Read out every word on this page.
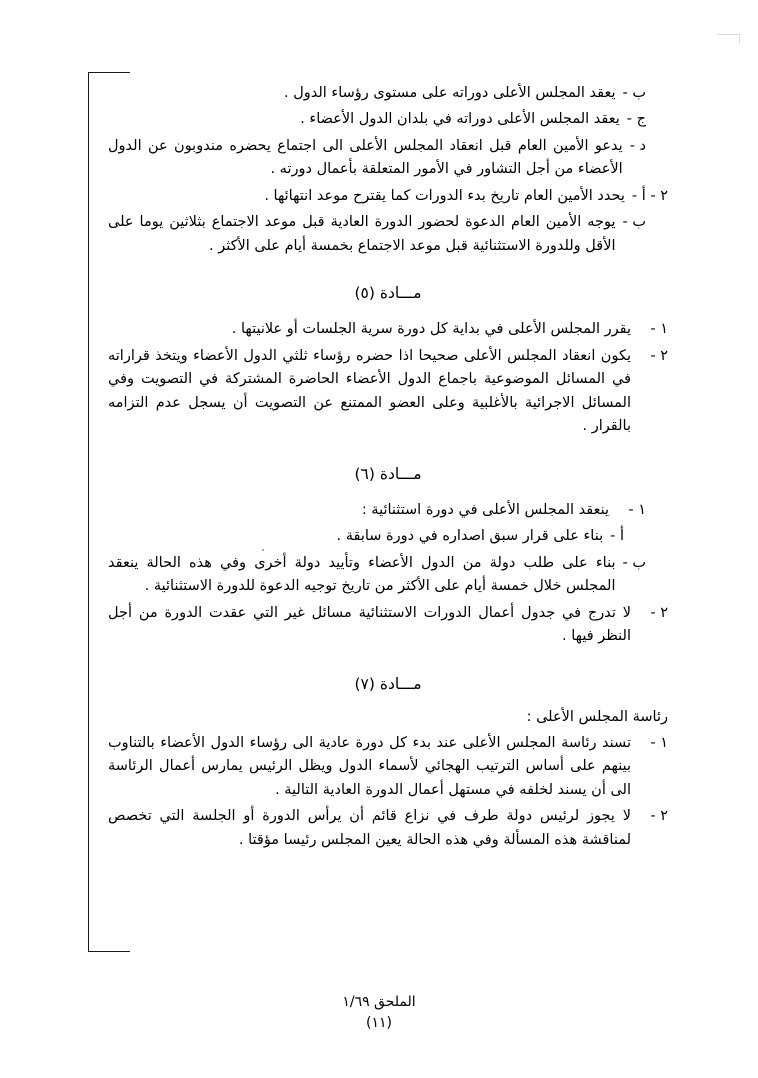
ب -
يعقد المجلس الأعلى دوراته على مستوى رؤساء الدول .
ج -
يعقد المجلس الأعلى دوراته في بلدان الدول الأعضاء .
د -
يدعو الأمين العام قبل انعقاد المجلس الأعلى الى اجتماع يحضره مندوبون عن الدول الأعضاء من أجل التشاور في الأمور المتعلقة بأعمال دورته .
٢ - أ -
يحدد الأمين العام تاريخ بدء الدورات كما يقترح موعد انتهائها .
ب -
يوجه الأمين العام الدعوة لحضور الدورة العادية قبل موعد الاجتماع بثلاثين يوما على الأقل وللدورة الاستثنائية قبل موعد الاجتماع بخمسة أيام على الأكثر .
مـــادة (٥)
١ -
يقرر المجلس الأعلى في بداية كل دورة سرية الجلسات أو علانيتها .
٢ -
يكون انعقاد المجلس الأعلى صحيحا اذا حضره رؤساء ثلثي الدول الأعضاء ويتخذ قراراته في المسائل الموضوعية باجماع الدول الأعضاء الحاضرة المشتركة في التصويت وفي المسائل الاجرائية بالأغلبية وعلى العضو الممتنع عن التصويت أن يسجل عدم التزامه بالقرار .
مـــادة (٦)
١ -
ينعقد المجلس الأعلى في دورة استثنائية :
أ -
بناء على قرار سبق اصداره في دورة سابقة .
ب -
بناء على طلب دولة من الدول الأعضاء وتأييد دولة أخرى وفي هذه الحالة ينعقد المجلس خلال خمسة أيام على الأكثر من تاريخ توجيه الدعوة للدورة الاستثنائية .
٢ -
لا تدرج في جدول أعمال الدورات الاستثنائية مسائل غير التي عقدت الدورة من أجل النظر فيها .
مـــادة (٧)
رئاسة المجلس الأعلى :
١ -
تسند رئاسة المجلس الأعلى عند بدء كل دورة عادية الى رؤساء الدول الأعضاء بالتناوب بينهم على أساس الترتيب الهجائي لأسماء الدول ويظل الرئيس يمارس أعمال الرئاسة الى أن يسند لخلفه في مستهل أعمال الدورة العادية التالية .
٢ -
لا يجوز لرئيس دولة طرف في نزاع قائم أن يرأس الدورة أو الجلسة التي تخصص لمناقشة هذه المسألة وفي هذه الحالة يعين المجلس رئيسا مؤقتا .
الملحق ١/٦٩
(١١)
